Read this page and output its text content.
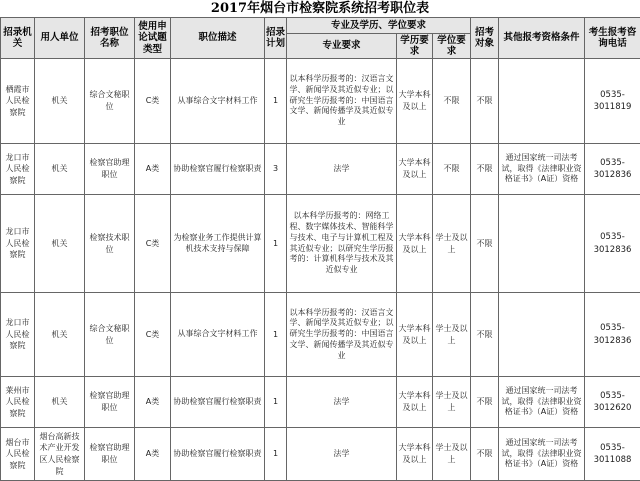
2017年烟台市检察院系统招考职位表
招录机关	用人单位	招考职位名称	使用申论试题类型	职位描述	招录计划	专业及学历、学位要求			招考对象	其他报考资格条件	考生报考咨询电话
						专业要求	学历要求	学位要求			
栖霞市人民检察院	机关	综合文秘职位	C类	从事综合文字材料工作	1	以本科学历报考的：汉语言文学、新闻学及其近似专业；以研究生学历报考的：中国语言文学、新闻传播学及其近似专业	大学本科及以上	不限	不限		0535-3011819
龙口市人民检察院	机关	检察官助理职位	A类	协助检察官履行检察职责	3	法学	大学本科及以上	不限	不限	通过国家统一司法考试，取得《法律职业资格证书》（A证）资格	0535-3012836
龙口市人民检察院	机关	检察技术职位	C类	为检察业务工作提供计算机技术支持与保障	1	以本科学历报考的：网络工程、数字媒体技术、智能科学与技术、电子与计算机工程及其近似专业；以研究生学历报考的：计算机科学与技术及其近似专业	大学本科及以上	学士及以上	不限		0535-3012836
龙口市人民检察院	机关	综合文秘职位	C类	从事综合文字材料工作	1	以本科学历报考的：汉语言文学、新闻学及其近似专业；以研究生学历报考的：中国语言文学、新闻传播学及其近似专业	大学本科及以上	学士及以上	不限		0535-3012836
莱州市人民检察院	机关	检察官助理职位	A类	协助检察官履行检察职责	1	法学	大学本科及以上	学士及以上	不限	通过国家统一司法考试，取得《法律职业资格证书》（A证）资格	0535-3012620
烟台市人民检察院	烟台高新技术产业开发区人民检察院	检察官助理职位	A类	协助检察官履行检察职责	1	法学	大学本科及以上	学士及以上	不限	通过国家统一司法考试，取得《法律职业资格证书》（A证）资格	0535-3011088
